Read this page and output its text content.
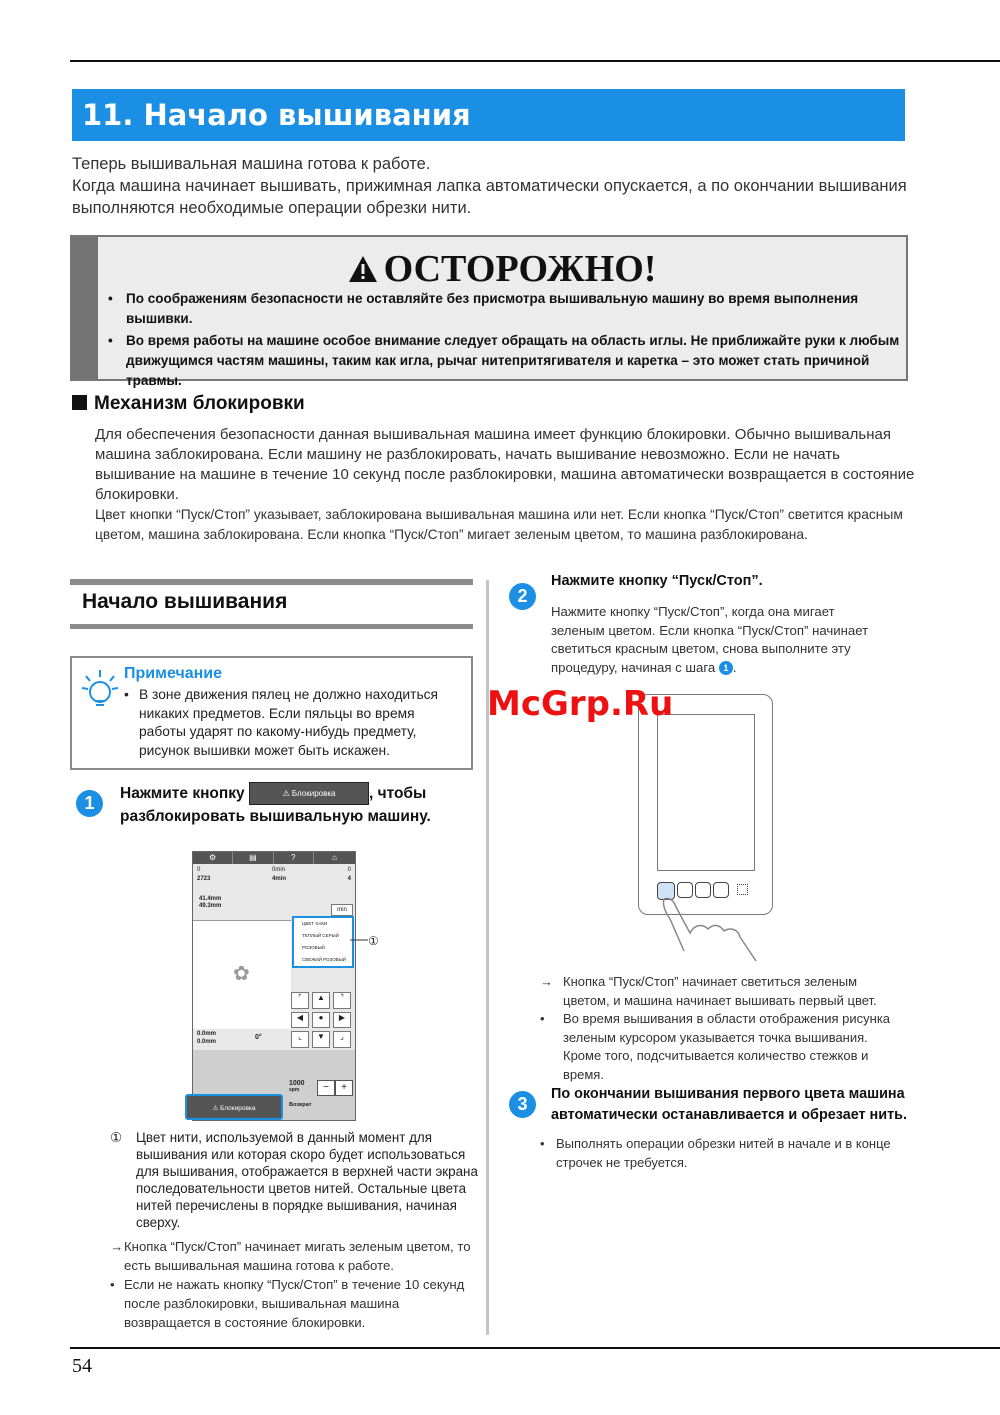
11. Начало вышивания
Теперь вышивальная машина готова к работе.
Когда машина начинает вышивать, прижимная лапка автоматически опускается, а по окончании вышивания выполняются необходимые операции обрезки нити.
ОСТОРОЖНО!
• По соображениям безопасности не оставляйте без присмотра вышивальную машину во время выполнения вышивки.
• Во время работы на машине особое внимание следует обращать на область иглы. Не приближайте руки к любым движущимся частям машины, таким как игла, рычаг нитепритягивателя и каретка – это может стать причиной травмы.
Механизм блокировки
Для обеспечения безопасности данная вышивальная машина имеет функцию блокировки. Обычно вышивальная машина заблокирована. Если машину не разблокировать, начать вышивание невозможно. Если не начать вышивание на машине в течение 10 секунд после разблокировки, машина автоматически возвращается в состояние блокировки.
Цвет кнопки “Пуск/Стоп” указывает, заблокирована вышивальная машина или нет. Если кнопка “Пуск/Стоп” светится красным цветом, машина заблокирована. Если кнопка “Пуск/Стоп” мигает зеленым цветом, то машина разблокирована.
Начало вышивания
Примечание
• В зоне движения пялец не должно находиться никаких предметов. Если пяльцы во время работы ударят по какому-нибудь предмету, рисунок вышивки может быть искажен.
1	Нажмите кнопку	⚠ Блокировка , чтобы разблокировать вышивальную машину.
⚙	▤	?	⌂
0
2723
0min
4min
0
4
41.4mm
49.3mm
min
✿
ЦВЕТ ХАКИ
ТЕПЛЫЙ СЕРЫЙ
РОЗОВЫЙ
СВЕЖИЙ РОЗОВЫЙ
⌜	▲	⌝
◀	●	▶
⌞	▼	⌟
0.0mm
0.0mm
0°
1000
spm	−	+
⚠ Блокировка	Возврат
①
①	Цвет нити, используемой в данный момент для вышивания или которая скоро будет использоваться для вышивания, отображается в верхней части экрана последовательности цветов нитей. Остальные цвета нитей перечислены в порядке вышивания, начиная сверху.
→ Кнопка “Пуск/Стоп” начинает мигать зеленым цветом, то есть вышивальная машина готова к работе.
• Если не нажать кнопку “Пуск/Стоп” в течение 10 секунд после разблокировки, вышивальная машина возвращается в состояние блокировки.
2
Нажмите кнопку “Пуск/Стоп”.
Нажмите кнопку “Пуск/Стоп”, когда она мигает зеленым цветом. Если кнопка “Пуск/Стоп” начинает светиться красным цветом, снова выполните эту процедуру, начиная с шага 1 .
McGrp.Ru
→ Кнопка “Пуск/Стоп” начинает светиться зеленым цветом, и машина начинает вышивать первый цвет.
•	Во время вышивания в области отображения рисунка зеленым курсором указывается точка вышивания. Кроме того, подсчитывается количество стежков и время.
3	По окончании вышивания первого цвета машина автоматически останавливается и обрезает нить.
• Выполнять операции обрезки нитей в начале и в конце строчек не требуется.
54
